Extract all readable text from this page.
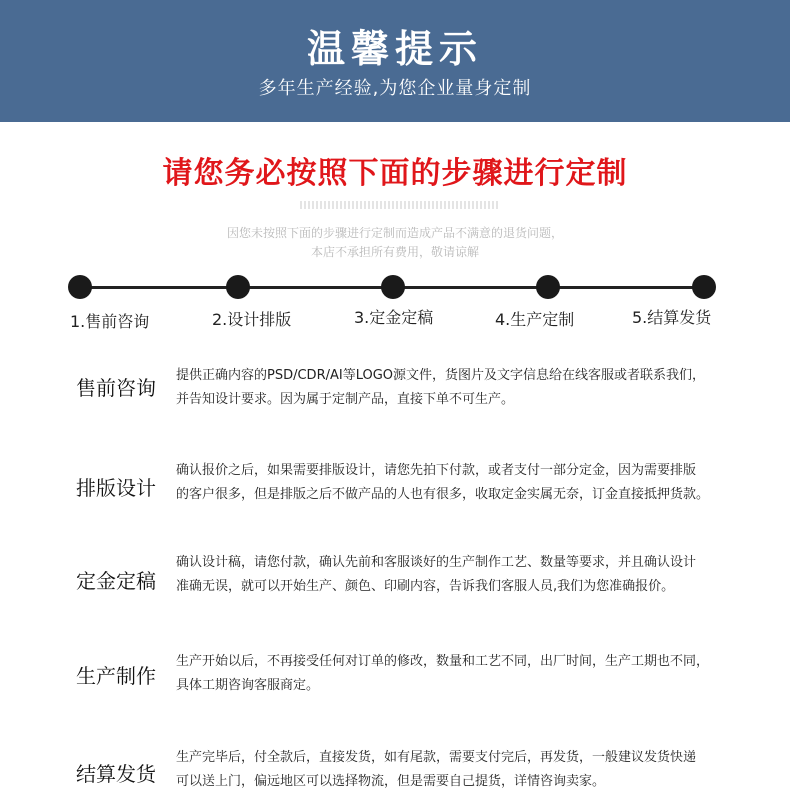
温馨提示
多年生产经验,为您企业量身定制
请您务必按照下面的步骤进行定制
因您未按照下面的步骤进行定制而造成产品不满意的退货问题，
本店不承担所有费用，敬请谅解
1.售前咨询	2.设计排版	3.定金定稿	4.生产定制	5.结算发货
售前咨询
提供正确内容的PSD/CDR/AI等LOGO源文件，货图片及文字信息给在线客服或者联系我们，
并告知设计要求。因为属于定制产品，直接下单不可生产。
排版设计
确认报价之后，如果需要排版设计，请您先拍下付款，或者支付一部分定金，因为需要排版
的客户很多，但是排版之后不做产品的人也有很多，收取定金实属无奈，订金直接抵押货款。
定金定稿
确认设计稿，请您付款，确认先前和客服谈好的生产制作工艺、数量等要求，并且确认设计
准确无误，就可以开始生产、颜色、印刷内容，告诉我们客服人员,我们为您准确报价。
生产制作
生产开始以后，不再接受任何对订单的修改，数量和工艺不同，出厂时间，生产工期也不同，
具体工期咨询客服商定。
结算发货
生产完毕后，付全款后，直接发货，如有尾款，需要支付完后，再发货，一般建议发货快递
可以送上门，偏远地区可以选择物流，但是需要自己提货，详情咨询卖家。
